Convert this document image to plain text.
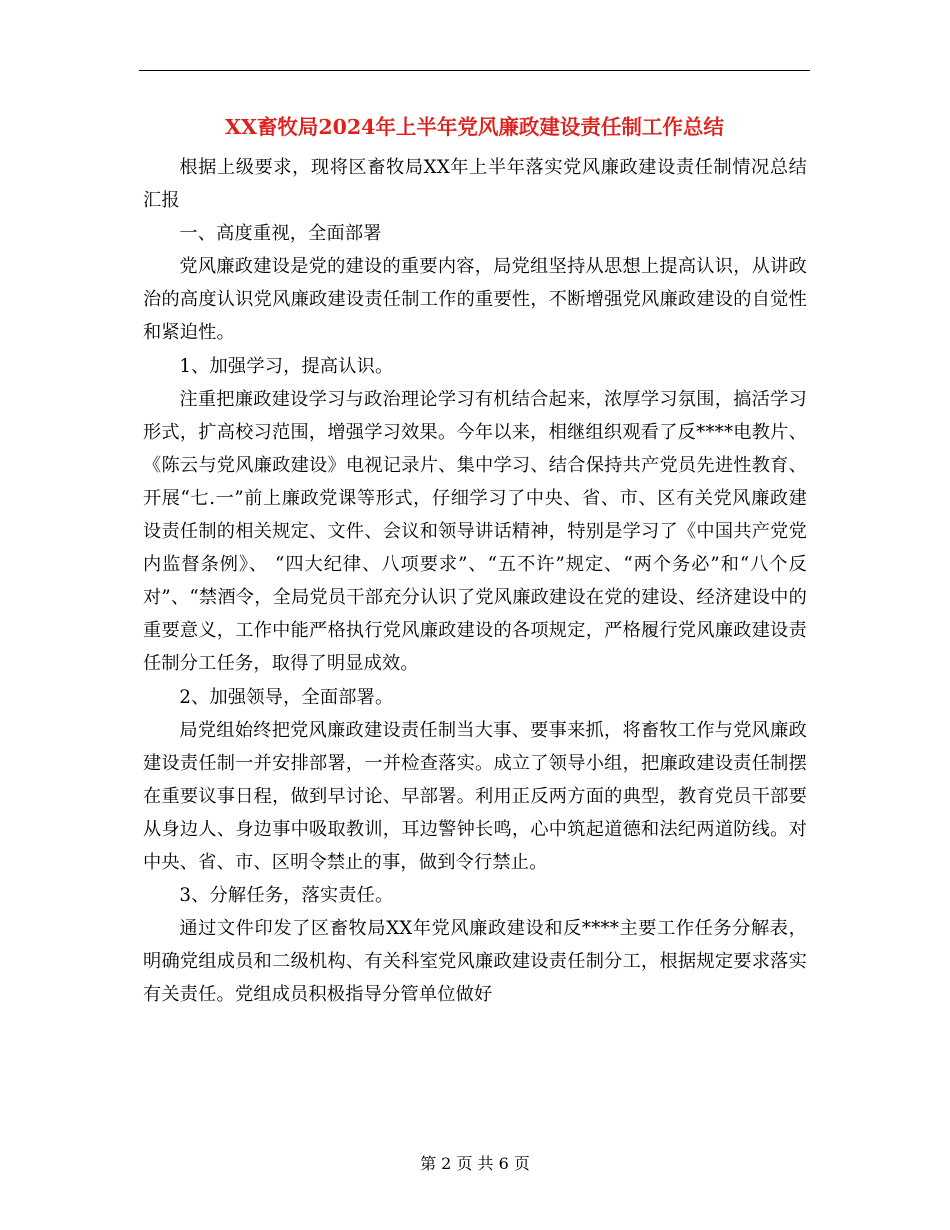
XX畜牧局2024年上半年党风廉政建设责任制工作总结

根据上级要求，现将区畜牧局XX年上半年落实党风廉政建设责任制情况总结汇报

一、高度重视，全面部署

党风廉政建设是党的建设的重要内容，局党组坚持从思想上提高认识，从讲政治的高度认识党风廉政建设责任制工作的重要性，不断增强党风廉政建设的自觉性和紧迫性。

1、加强学习，提高认识。

注重把廉政建设学习与政治理论学习有机结合起来，浓厚学习氛围，搞活学习形式，扩高校习范围，增强学习效果。今年以来，相继组织观看了反****电教片、《陈云与党风廉政建设》电视记录片、集中学习、结合保持共产党员先进性教育、开展“七.一”前上廉政党课等形式，仔细学习了中央、省、市、区有关党风廉政建设责任制的相关规定、文件、会议和领导讲话精神，特别是学习了《中国共产党党内监督条例》、 “四大纪律、八项要求”、“五不许”规定、“两个务必”和“八个反对”、“禁酒令，全局党员干部充分认识了党风廉政建设在党的建设、经济建设中的重要意义，工作中能严格执行党风廉政建设的各项规定，严格履行党风廉政建设责任制分工任务，取得了明显成效。

2、加强领导，全面部署。

局党组始终把党风廉政建设责任制当大事、要事来抓，将畜牧工作与党风廉政建设责任制一并安排部署，一并检查落实。成立了领导小组，把廉政建设责任制摆在重要议事日程，做到早讨论、早部署。利用正反两方面的典型，教育党员干部要从身边人、身边事中吸取教训，耳边警钟长鸣，心中筑起道德和法纪两道防线。对中央、省、市、区明令禁止的事，做到令行禁止。

3、分解任务，落实责任。

通过文件印发了区畜牧局XX年党风廉政建设和反****主要工作任务分解表，明确党组成员和二级机构、有关科室党风廉政建设责任制分工，根据规定要求落实有关责任。党组成员积极指导分管单位做好

第 2 页 共 6 页
